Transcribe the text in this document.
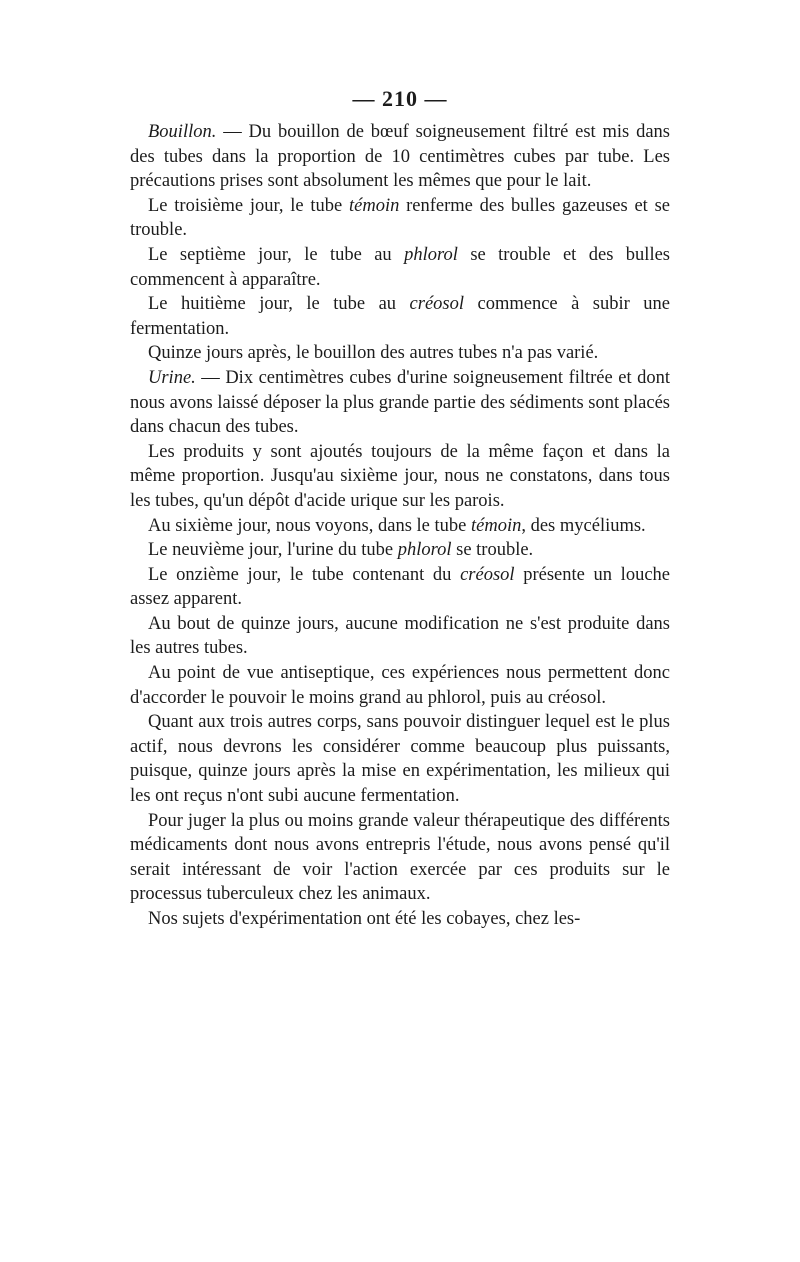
— 210 —

Bouillon. — Du bouillon de bœuf soigneusement filtré est mis dans des tubes dans la proportion de 10 centimètres cubes par tube. Les précautions prises sont absolument les mêmes que pour le lait.

Le troisième jour, le tube témoin renferme des bulles gazeuses et se trouble.

Le septième jour, le tube au phlorol se trouble et des bulles commencent à apparaître.

Le huitième jour, le tube au créosol commence à subir une fermentation.

Quinze jours après, le bouillon des autres tubes n'a pas varié.

Urine. — Dix centimètres cubes d'urine soigneusement filtrée et dont nous avons laissé déposer la plus grande partie des sédiments sont placés dans chacun des tubes.

Les produits y sont ajoutés toujours de la même façon et dans la même proportion. Jusqu'au sixième jour, nous ne constatons, dans tous les tubes, qu'un dépôt d'acide urique sur les parois.

Au sixième jour, nous voyons, dans le tube témoin, des mycéliums.

Le neuvième jour, l'urine du tube phlorol se trouble.

Le onzième jour, le tube contenant du créosol présente un louche assez apparent.

Au bout de quinze jours, aucune modification ne s'est produite dans les autres tubes.

Au point de vue antiseptique, ces expériences nous permettent donc d'accorder le pouvoir le moins grand au phlorol, puis au créosol.

Quant aux trois autres corps, sans pouvoir distinguer lequel est le plus actif, nous devrons les considérer comme beaucoup plus puissants, puisque, quinze jours après la mise en expérimentation, les milieux qui les ont reçus n'ont subi aucune fermentation.

Pour juger la plus ou moins grande valeur thérapeutique des différents médicaments dont nous avons entrepris l'étude, nous avons pensé qu'il serait intéressant de voir l'action exercée par ces produits sur le processus tuberculeux chez les animaux.

Nos sujets d'expérimentation ont été les cobayes, chez les-
